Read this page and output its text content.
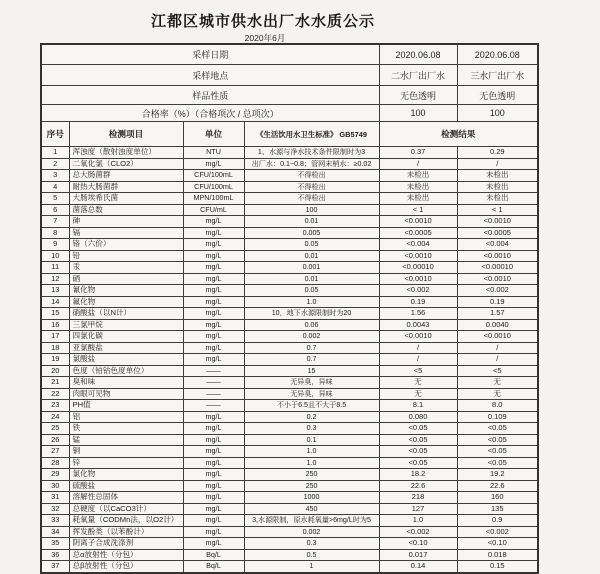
江都区城市供水出厂水水质公示
2020年6月
采样日期				2020.06.08	2020.06.08
采样地点				二水厂出厂水	三水厂出厂水
样品性质				无色透明	无色透明
合格率（%）（合格项次 / 总项次）				100	100
序号	检测项目	单位	《生活饮用水卫生标准》 GB5749	检测结果	
1	浑浊度（散射浊度单位）	NTU	1、水源与净水技术条件限制时为3	0.37	0.29
2	二氧化氯（CLO2）	mg/L	出厂水：0.1~0.8；管网末梢水：≥0.02	/	/
3	总大肠菌群	CFU/100mL	不得检出	未检出	未检出
4	耐热大肠菌群	CFU/100mL	不得检出	未检出	未检出
5	大肠埃希氏菌	MPN/100mL	不得检出	未检出	未检出
6	菌落总数	CFU/mL	100	< 1	< 1
7	砷	mg/L	0.01	<0.0010	<0.0010
8	镉	mg/L	0.005	<0.0005	<0.0005
9	铬（六价）	mg/L	0.05	<0.004	<0.004
10	铅	mg/L	0.01	<0.0010	<0.0010
11	汞	mg/L	0.001	<0.00010	<0.00010
12	硒	mg/L	0.01	<0.0010	<0.0010
13	氰化物	mg/L	0.05	<0.002	<0.002
14	氟化物	mg/L	1.0	0.19	0.19
15	硝酸盐（以N计）	mg/L	10，地下水源限制时为20	1.56	1.57
16	三氯甲烷	mg/L	0.06	0.0043	0.0040
17	四氯化碳	mg/L	0.002	<0.0010	<0.0010
18	亚氯酸盐	mg/L	0.7	/	/
19	氯酸盐	mg/L	0.7	/	/
20	色度（铂钴色度单位）	——	15	<5	<5
21	臭和味	——	无异臭，异味	无	无
22	肉眼可见物	——	无异臭，异味	无	无
23	PH值	——	不小于6.5且不大于8.5	8.1	8.0
24	铝	mg/L	0.2	0.080	0.109
25	铁	mg/L	0.3	<0.05	<0.05
26	锰	mg/L	0.1	<0.05	<0.05
27	铜	mg/L	1.0	<0.05	<0.05
28	锌	mg/L	1.0	<0.05	<0.05
29	氯化物	mg/L	250	18.2	19.2
30	硫酸盐	mg/L	250	22.6	22.6
31	溶解性总固体	mg/L	1000	218	160
32	总硬度（以CaCO3计）	mg/L	450	127	135
33	耗氧量（CODMn法，以O2计）	mg/L	3,水源限制，原水耗氧量>6mg/L时为5	1.0	0.9
34	挥发酚类（以苯酚计）	mg/L	0.002	<0.002	<0.002
35	阴离子合成洗涤剂	mg/L	0.3	<0.10	<0.10
36	总α放射性（分包）	Bq/L	0.5	0.017	0.018
37	总β放射性（分包）	Bq/L	1	0.14	0.15
